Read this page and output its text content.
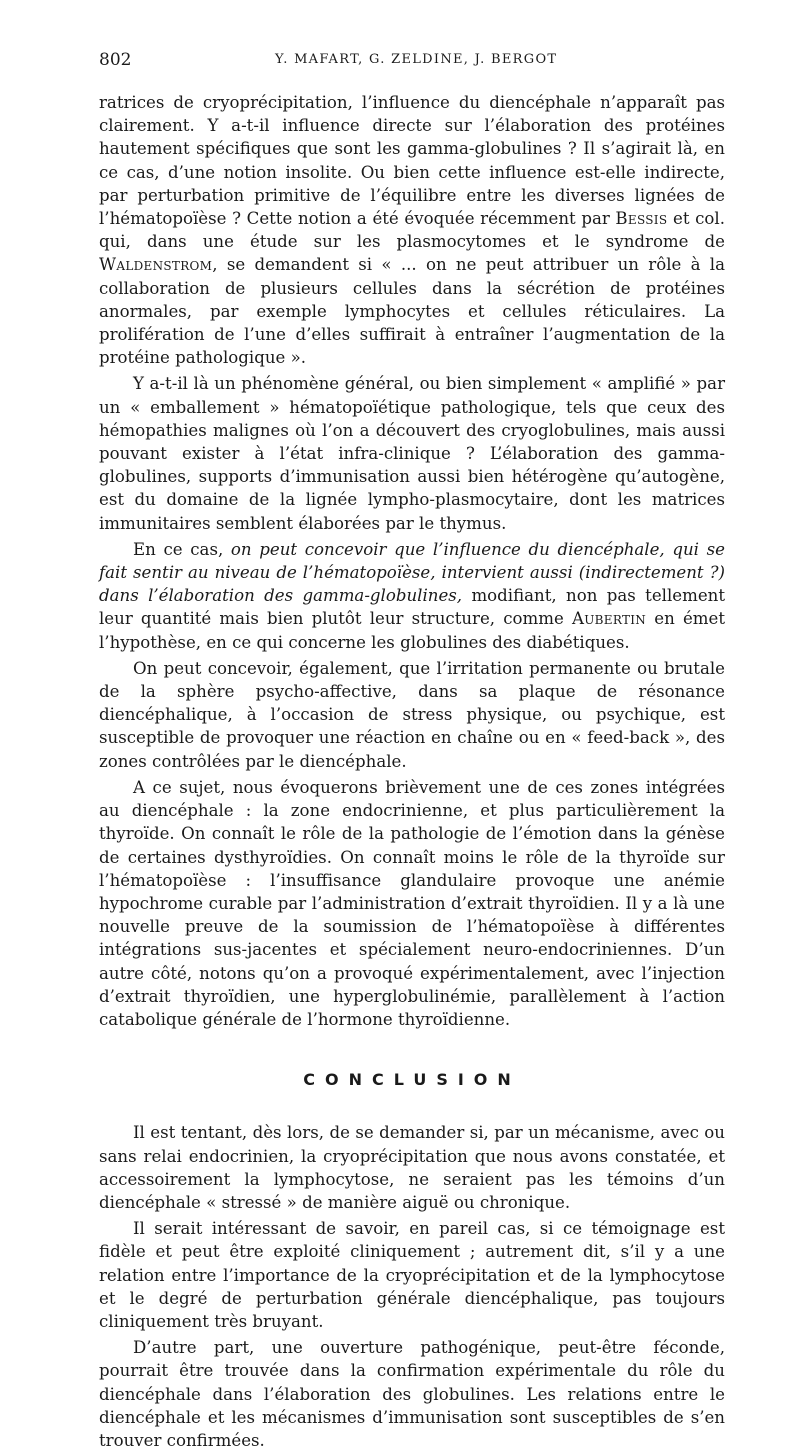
802	Y. MAFART, G. ZELDINE, J. BERGOT

ratrices de cryoprécipitation, l’influence du diencéphale n’apparaît pas clairement. Y a-t-il influence directe sur l’élaboration des protéines hautement spécifiques que sont les gamma-globulines ? Il s’agirait là, en ce cas, d’une notion insolite. Ou bien cette influence est-elle indirecte, par perturbation primitive de l’équilibre entre les diverses lignées de l’hématopoïèse ? Cette notion a été évoquée récemment par Bessis et col. qui, dans une étude sur les plasmocytomes et le syndrome de Waldenstrom, se demandent si « ... on ne peut attribuer un rôle à la collaboration de plusieurs cellules dans la sécrétion de protéines anormales, par exemple lymphocytes et cellules réticulaires. La prolifération de l’une d’elles suffirait à entraîner l’augmentation de la protéine pathologique ».

Y a-t-il là un phénomène général, ou bien simplement « amplifié » par un « emballement » hématopoïétique pathologique, tels que ceux des hémopathies malignes où l’on a découvert des cryoglobulines, mais aussi pouvant exister à l’état infra-clinique ? L’élaboration des gamma-globulines, supports d’immunisation aussi bien hétérogène qu’autogène, est du domaine de la lignée lympho-plasmocytaire, dont les matrices immunitaires semblent élaborées par le thymus.

En ce cas, on peut concevoir que l’influence du diencéphale, qui se fait sentir au niveau de l’hématopoïèse, intervient aussi (indirectement ?) dans l’élaboration des gamma-globulines, modifiant, non pas tellement leur quantité mais bien plutôt leur structure, comme Aubertin en émet l’hypothèse, en ce qui concerne les globulines des diabétiques.

On peut concevoir, également, que l’irritation permanente ou brutale de la sphère psycho-affective, dans sa plaque de résonance diencéphalique, à l’occasion de stress physique, ou psychique, est susceptible de provoquer une réaction en chaîne ou en « feed-back », des zones contrôlées par le diencéphale.

A ce sujet, nous évoquerons brièvement une de ces zones intégrées au diencéphale : la zone endocrinienne, et plus particulièrement la thyroïde. On connaît le rôle de la pathologie de l’émotion dans la génèse de certaines dysthyroïdies. On connaît moins le rôle de la thyroïde sur l’hématopoïèse : l’insuffisance glandulaire provoque une anémie hypochrome curable par l’administration d’extrait thyroïdien. Il y a là une nouvelle preuve de la soumission de l’hématopoïèse à différentes intégrations sus-jacentes et spécialement neuro-endocriniennes. D’un autre côté, notons qu’on a provoqué expérimentalement, avec l’injection d’extrait thyroïdien, une hyperglobulinémie, parallèlement à l’action catabolique générale de l’hormone thyroïdienne.

CONCLUSION

Il est tentant, dès lors, de se demander si, par un mécanisme, avec ou sans relai endocrinien, la cryoprécipitation que nous avons constatée, et accessoirement la lymphocytose, ne seraient pas les témoins d’un diencéphale « stressé » de manière aiguë ou chronique.

Il serait intéressant de savoir, en pareil cas, si ce témoignage est fidèle et peut être exploité cliniquement ; autrement dit, s’il y a une relation entre l’importance de la cryoprécipitation et de la lymphocytose et le degré de perturbation générale diencéphalique, pas toujours cliniquement très bruyant.

D’autre part, une ouverture pathogénique, peut-être féconde, pourrait être trouvée dans la confirmation expérimentale du rôle du diencéphale dans l’élaboration des globulines. Les relations entre le diencéphale et les mécanismes d’immunisation sont susceptibles de s’en trouver confirmées.
